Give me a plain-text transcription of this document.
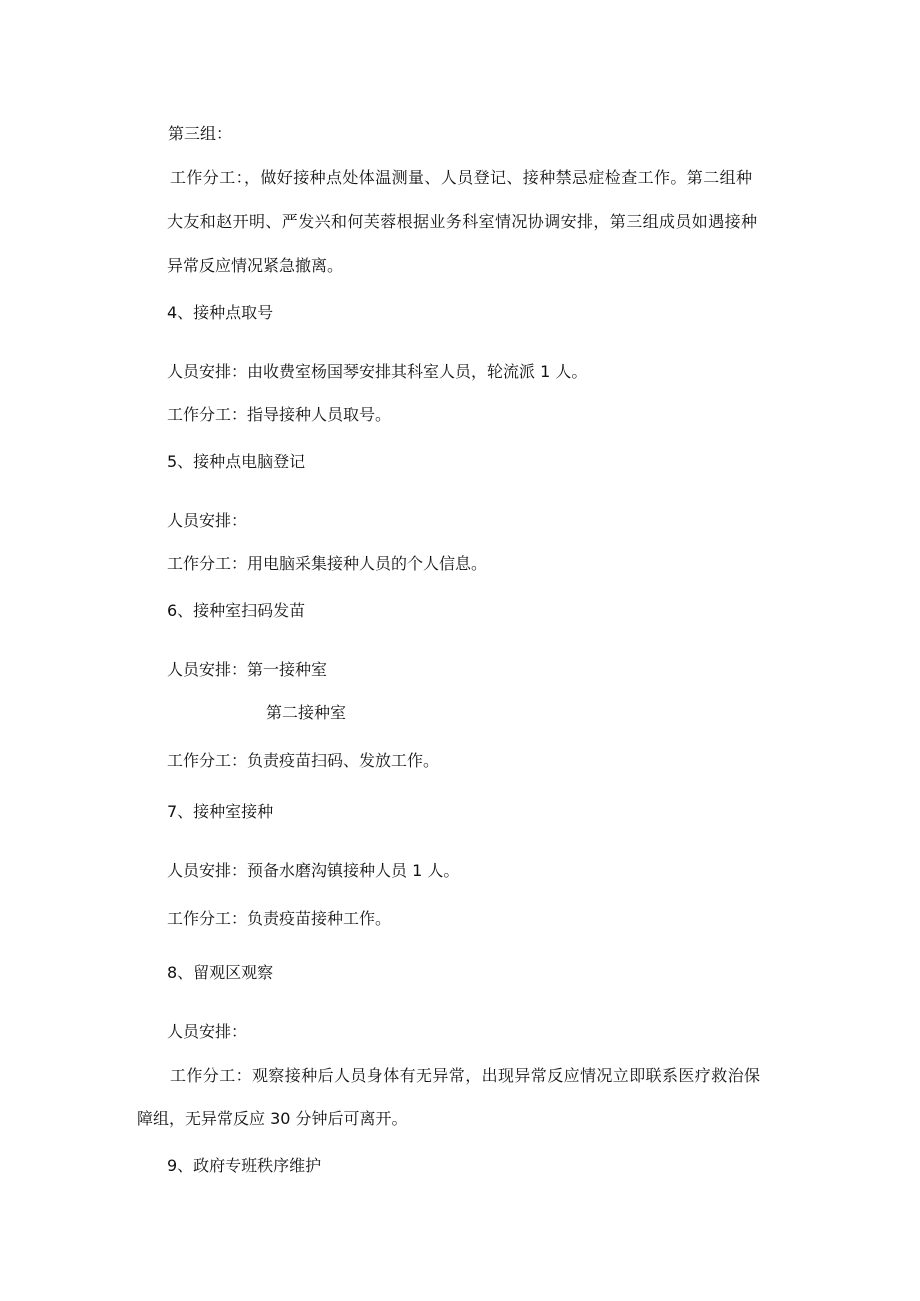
第三组：
工作分工：，做好接种点处体温测量、人员登记、接种禁忌症检查工作。第二组种
大友和赵开明、严发兴和何芙蓉根据业务科室情况协调安排，第三组成员如遇接种
异常反应情况紧急撤离。
4、接种点取号
人员安排：由收费室杨国琴安排其科室人员，轮流派 1 人。
工作分工：指导接种人员取号。
5、接种点电脑登记
人员安排：
工作分工：用电脑采集接种人员的个人信息。
6、接种室扫码发苗
人员安排：第一接种室
第二接种室
工作分工：负责疫苗扫码、发放工作。
7、接种室接种
人员安排：预备水磨沟镇接种人员 1 人。
工作分工：负责疫苗接种工作。
8、留观区观察
人员安排：
工作分工：观察接种后人员身体有无异常，出现异常反应情况立即联系医疗救治保
障组，无异常反应 30 分钟后可离开。
9、政府专班秩序维护
